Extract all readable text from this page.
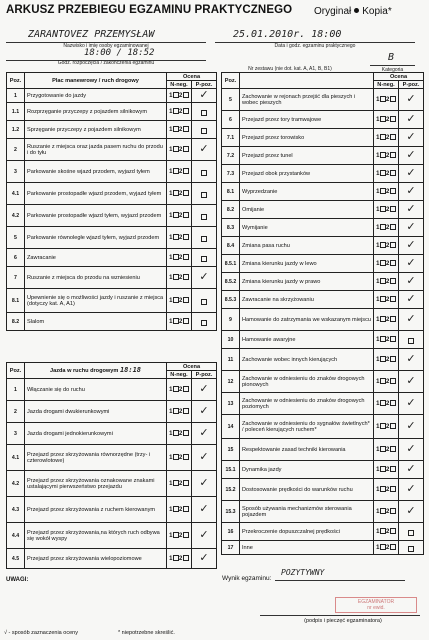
ARKUSZ PRZEBIEGU EGZAMINU PRAKTYCZNEGO Oryginał Kopia*
ZARANTOVEZ PRZEMYSŁAW
Nazwisko i imię osoby egzaminowanej
25.01.2010r. 18:00
Data i godz. egzaminu praktycznego
18:00 / 18:52
Godz. rozpoczęcia / zakończenia egzaminu
Nr zestawu (nie dot. kat. A, A1, B, B1)
B
Kategoria
Poz.	Plac manewrowy / ruch drogowy	Ocena	
		N-neg.	P-poz.
1	Przygotowanie do jazdy	1 2	✓
1.1	Rozprzęganie przyczepy z pojazdem silnikowym	1 2	
1.2	Sprzęganie przyczepy z pojazdem silnikowym	1 2	
2	Ruszanie z miejsca oraz jazda pasem ruchu do przodu i do tyłu	1 2	✓
3	Parkowanie skośne wjazd przodem, wyjazd tyłem	1 2	
4.1	Parkowanie prostopadłe wjazd przodem, wyjazd tyłem	1 2	
4.2	Parkowanie prostopadłe wjazd tyłem, wyjazd przodem	1 2	
5	Parkowanie równoległe wjazd tyłem, wyjazd przodem	1 2	
6	Zawracanie	1 2	
7	Ruszanie z miejsca do przodu na wzniesieniu	1 2	✓
8.1	Upewnienie się o możliwości jazdy i ruszanie z miejsca (dotyczy kat. A, A1)	1 2	
8.2	Slalom	1 2	
Poz.	Jazda w ruchu drogowym 18:18	Ocena	
		N-neg.	P-poz.
1	Włączanie się do ruchu	1 2	✓
2	Jazda drogami dwukierunkowymi	1 2	✓
3	Jazda drogami jednokierunkowymi	1 2	✓
4.1	Przejazd przez skrzyżowania równorzędne (trzy- i czterowlotowe)	1 2	✓
4.2	Przejazd przez skrzyżowania oznakowane znakami ustalającymi pierwszeństwo przejazdu	1 2	✓
4.3	Przejazd przez skrzyżowania z ruchem kierowanym	1 2	✓
4.4	Przejazd przez skrzyżowania,na których ruch odbywa się wokół wyspy	1 2	✓
4.5	Przejazd przez skrzyżowania wielopoziomowe	1 2	✓
UWAGI:
Poz.		Ocena	
		N-neg.	P-poz.
5	Zachowanie w rejonach przejść dla pieszych i wobec pieszych	1 2	✓
6	Przejazd przez tory tramwajowe	1 2	✓
7.1	Przejazd przez torowisko	1 2	✓
7.2	Przejazd przez tunel	1 2	✓
7.3	Przejazd obok przystanków	1 2	✓
8.1	Wyprzedzanie	1 2	✓
8.2	Omijanie	1 2	✓
8.3	Wymijanie	1 2	✓
8.4	Zmiana pasa ruchu	1 2	✓
8.5.1	Zmiana kierunku jazdy w lewo	1 2	✓
8.5.2	Zmiana kierunku jazdy w prawo	1 2	✓
8.5.3	Zawracanie na skrzyżowaniu	1 2	✓
9	Hamowanie do zatrzymania we wskazanym miejscu	1 2	✓
10	Hamowanie awaryjne	1 2	
11	Zachowanie wobec innych kierujących	1 2	✓
12	Zachowanie w odniesieniu do znaków drogowych pionowych	1 2	✓
13	Zachowanie w odniesieniu do znaków drogowych poziomych	1 2	✓
14	Zachowanie w odniesieniu do sygnałów świetlnych* / poleceń kierujących ruchem*	1 2	✓
15	Respektowanie zasad techniki kierowania	1 2	✓
15.1	Dynamika jazdy	1 2	✓
15.2	Dostosowanie prędkości do warunków ruchu	1 2	✓
15.3	Sposób używania mechanizmów sterowania pojazdem	1 2	✓
16	Przekroczenie dopuszczalnej prędkości	1 2	
17	Inne	1 2	
Wynik egzaminu:
POZYTYWNY
EGZAMINATOR
nr ewid.
(podpis i pieczęć egzaminatora)
√ - sposób zaznaczenia oceny	* niepotrzebne skreślić.
